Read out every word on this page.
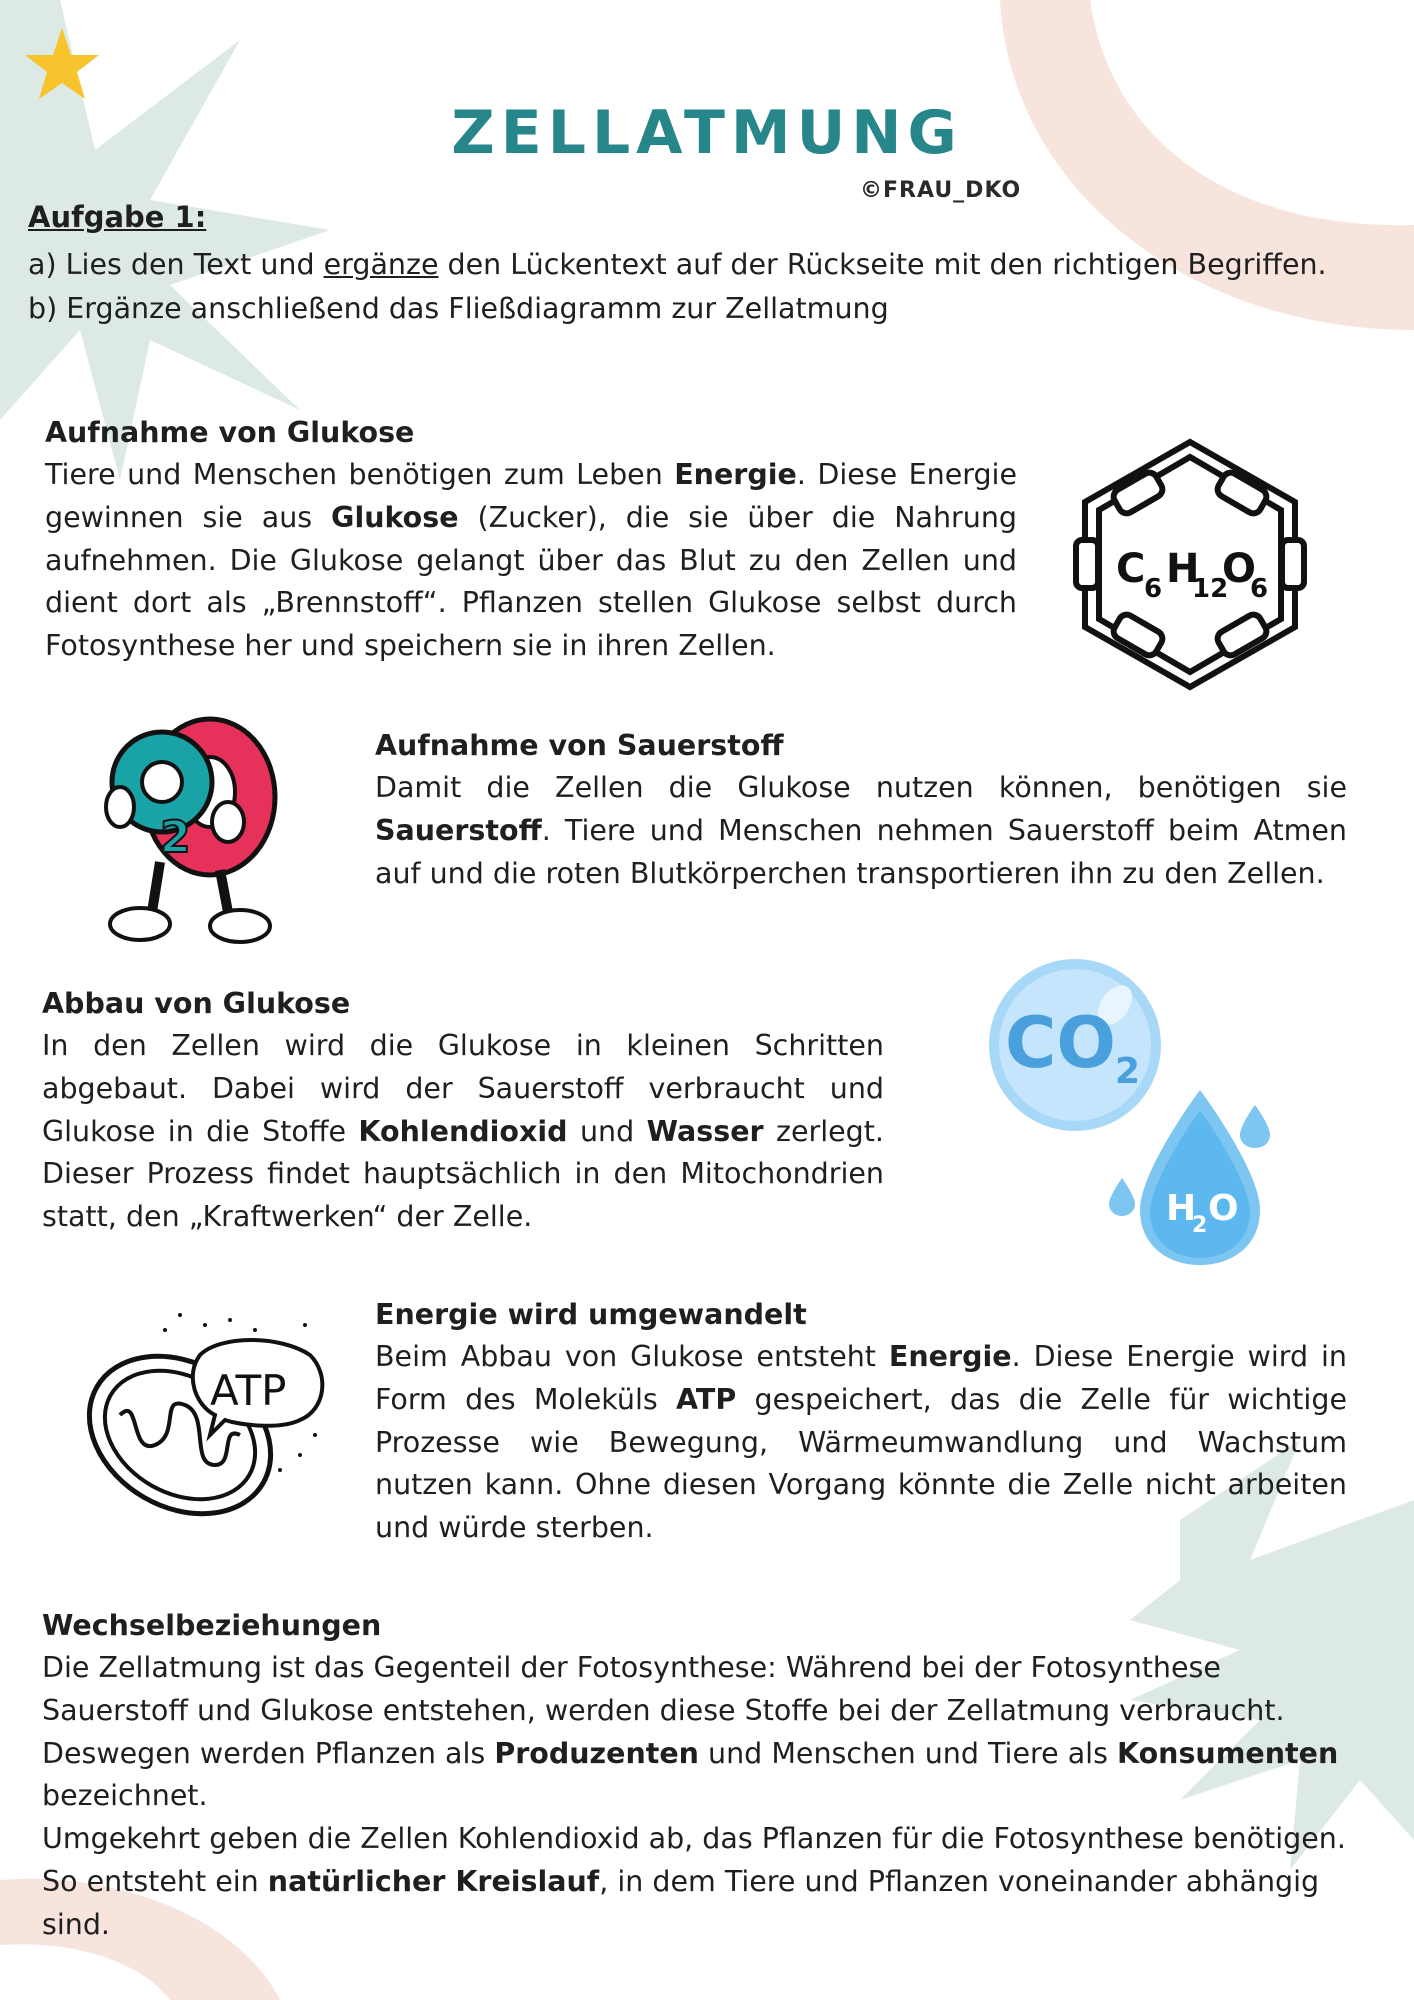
ZELLATMUNG
©FRAU_DKO
Aufgabe 1:
a) Lies den Text und ergänze den Lückentext auf der Rückseite mit den richtigen Begriffen.
b) Ergänze anschließend das Fließdiagramm zur Zellatmung
Aufnahme von Glukose

Tiere und Menschen benötigen zum Leben Energie. Diese Energie gewinnen sie aus Glukose (Zucker), die sie über die Nahrung aufnehmen. Die Glukose gelangt über das Blut zu den Zellen und dient dort als „Brennstoff“. Pflanzen stellen Glukose selbst durch Fotosynthese her und speichern sie in ihren Zellen.

C
6 H
12
O
6
2
O
Aufnahme von Sauerstoff

Damit die Zellen die Glukose nutzen können, benötigen sie Sauerstoff. Tiere und Menschen nehmen Sauerstoff beim Atmen auf und die roten Blutkörperchen transportieren ihn zu den Zellen.

Abbau von Glukose

In den Zellen wird die Glukose in kleinen Schritten abgebaut. Dabei wird der Sauerstoff verbraucht und Glukose in die Stoffe Kohlendioxid und Wasser zerlegt. Dieser Prozess findet hauptsächlich in den Mitochondrien statt, den „Kraftwerken“ der Zelle.

CO 2
H
2 O
ATP
Energie wird umgewandelt

Beim Abbau von Glukose entsteht Energie. Diese Energie wird in Form des Moleküls ATP gespeichert, das die Zelle für wichtige Prozesse wie Bewegung, Wärmeumwandlung und Wachstum nutzen kann. Ohne diesen Vorgang könnte die Zelle nicht arbeiten und würde sterben.

Wechselbeziehungen

Die Zellatmung ist das Gegenteil der Fotosynthese: Während bei der Fotosynthese Sauerstoff und Glukose entstehen, werden diese Stoffe bei der Zellatmung verbraucht. Deswegen werden Pflanzen als Produzenten und Menschen und Tiere als Konsumenten bezeichnet.

Umgekehrt geben die Zellen Kohlendioxid ab, das Pflanzen für die Fotosynthese benötigen. So entsteht ein natürlicher Kreislauf, in dem Tiere und Pflanzen voneinander abhängig sind.
